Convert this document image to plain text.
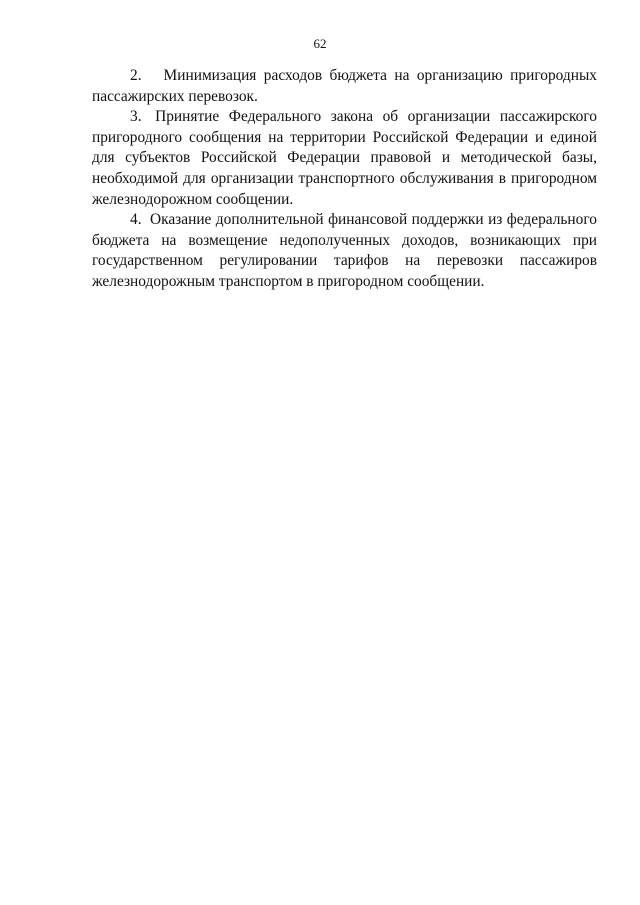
62

2. Минимизация расходов бюджета на организацию пригородных пассажирских перевозок.

3. Принятие Федерального закона об организации пассажирского пригородного сообщения на территории Российской Федерации и единой для субъектов Российской Федерации правовой и методической базы, необходимой для организации транспортного обслуживания в пригородном железнодорожном сообщении.

4. Оказание дополнительной финансовой поддержки из федерального бюджета на возмещение недополученных доходов, возникающих при государственном регулировании тарифов на перевозки пассажиров железнодорожным транспортом в пригородном сообщении.
